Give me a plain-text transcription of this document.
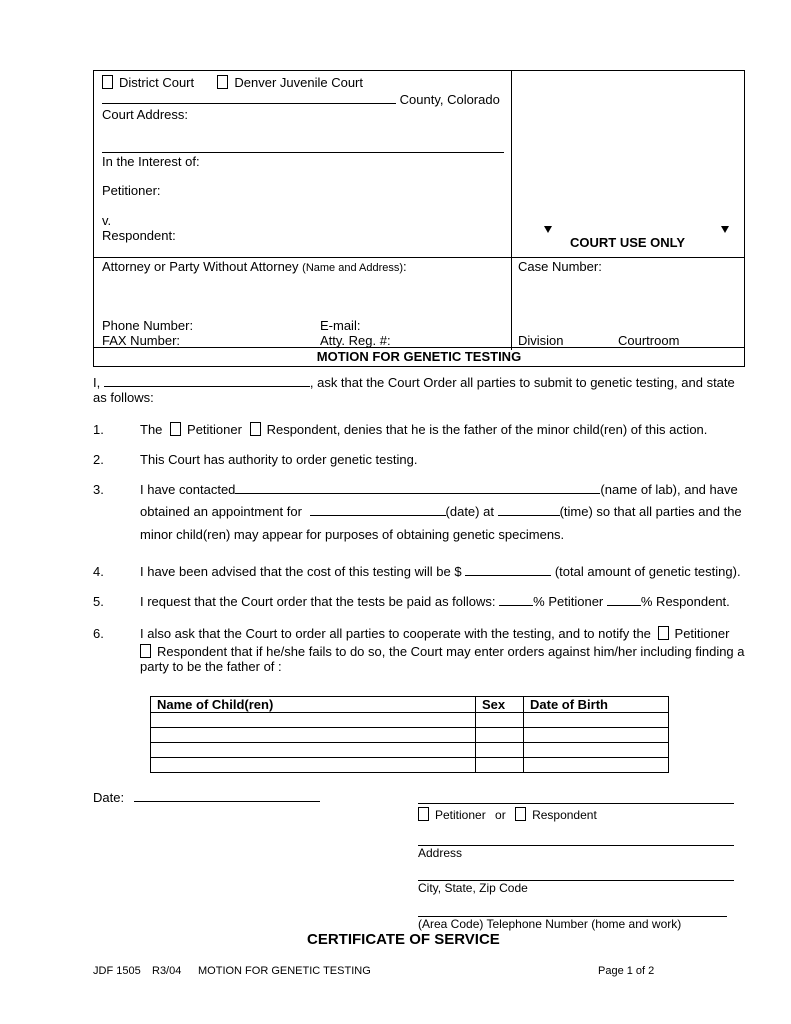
District Court	Denver Juvenile Court
County, Colorado
Court Address:
In the Interest of:
Petitioner:
v.
Respondent:	COURT USE ONLY
Attorney or Party Without Attorney (Name and Address):	Case Number:
Phone Number:	E-mail:
FAX Number:	Atty. Reg. #:	Division	Courtroom
MOTION FOR GENETIC TESTING
I,	, ask that the Court Order all parties to submit to genetic testing, and state
as follows:
1.	The Petitioner Respondent, denies that he is the father of the minor child(ren) of this action.
2.	This Court has authority to order genetic testing.
3.	I have contacted	(name of lab), and have
obtained an appointment for	(date) at	(time) so that all parties and the
minor child(ren) may appear for purposes of obtaining genetic specimens.
4.	I have been advised that the cost of this testing will be $	(total amount of genetic testing).
5.	I request that the Court order that the tests be paid as follows:	% Petitioner	% Respondent.
6.	I also ask that the Court to order all parties to cooperate with the testing, and to notify the Petitioner
Respondent that if he/she fails to do so, the Court may enter orders against him/her including finding a
party to be the father of :
Name of Child(ren)	Sex	Date of Birth

Date:
Petitioner or Respondent
Address
City, State, Zip Code
(Area Code) Telephone Number (home and work)
CERTIFICATE OF SERVICE
JDF 1505 R3/04 MOTION FOR GENETIC TESTING	Page 1 of 2
